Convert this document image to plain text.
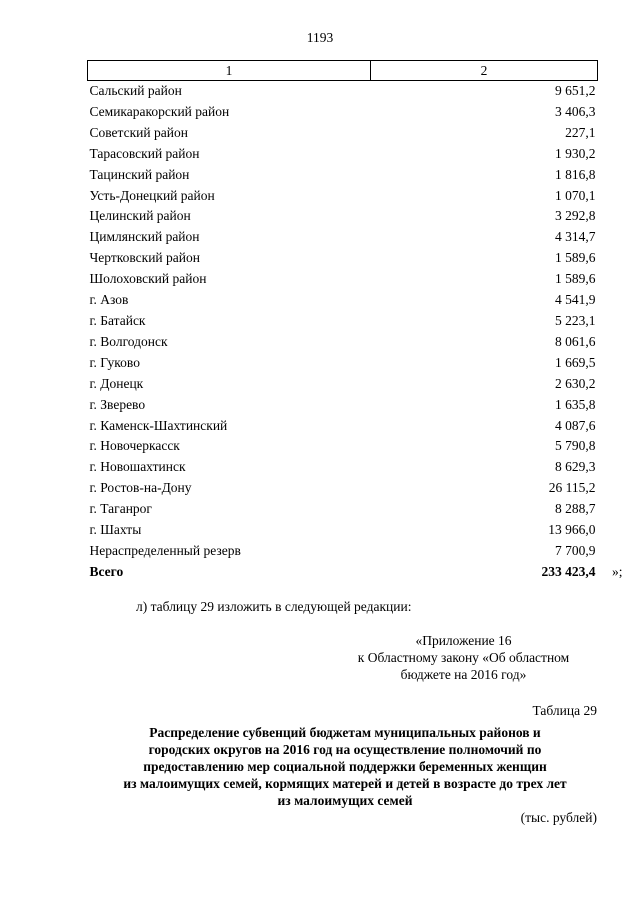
1193
1	2
Сальский район	9 651,2
Семикаракорский район	3 406,3
Советский район	227,1
Тарасовский район	1 930,2
Тацинский район	1 816,8
Усть-Донецкий район	1 070,1
Целинский район	3 292,8
Цимлянский район	4 314,7
Чертковский район	1 589,6
Шолоховский район	1 589,6
г. Азов	4 541,9
г. Батайск	5 223,1
г. Волгодонск	8 061,6
г. Гуково	1 669,5
г. Донецк	2 630,2
г. Зверево	1 635,8
г. Каменск-Шахтинский	4 087,6
г. Новочеркасск	5 790,8
г. Новошахтинск	8 629,3
г. Ростов-на-Дону	26 115,2
г. Таганрог	8 288,7
г. Шахты	13 966,0
Нераспределенный резерв	7 700,9
Всего	233 423,4 »;
л) таблицу 29 изложить в следующей редакции:
«Приложение 16
к Областному закону «Об областном
бюджете на 2016 год»
Таблица 29
Распределение субвенций бюджетам муниципальных районов и
городских округов на 2016 год на осуществление полномочий по
предоставлению мер социальной поддержки беременных женщин
из малоимущих семей, кормящих матерей и детей в возрасте до трех лет
из малоимущих семей
(тыс. рублей)
